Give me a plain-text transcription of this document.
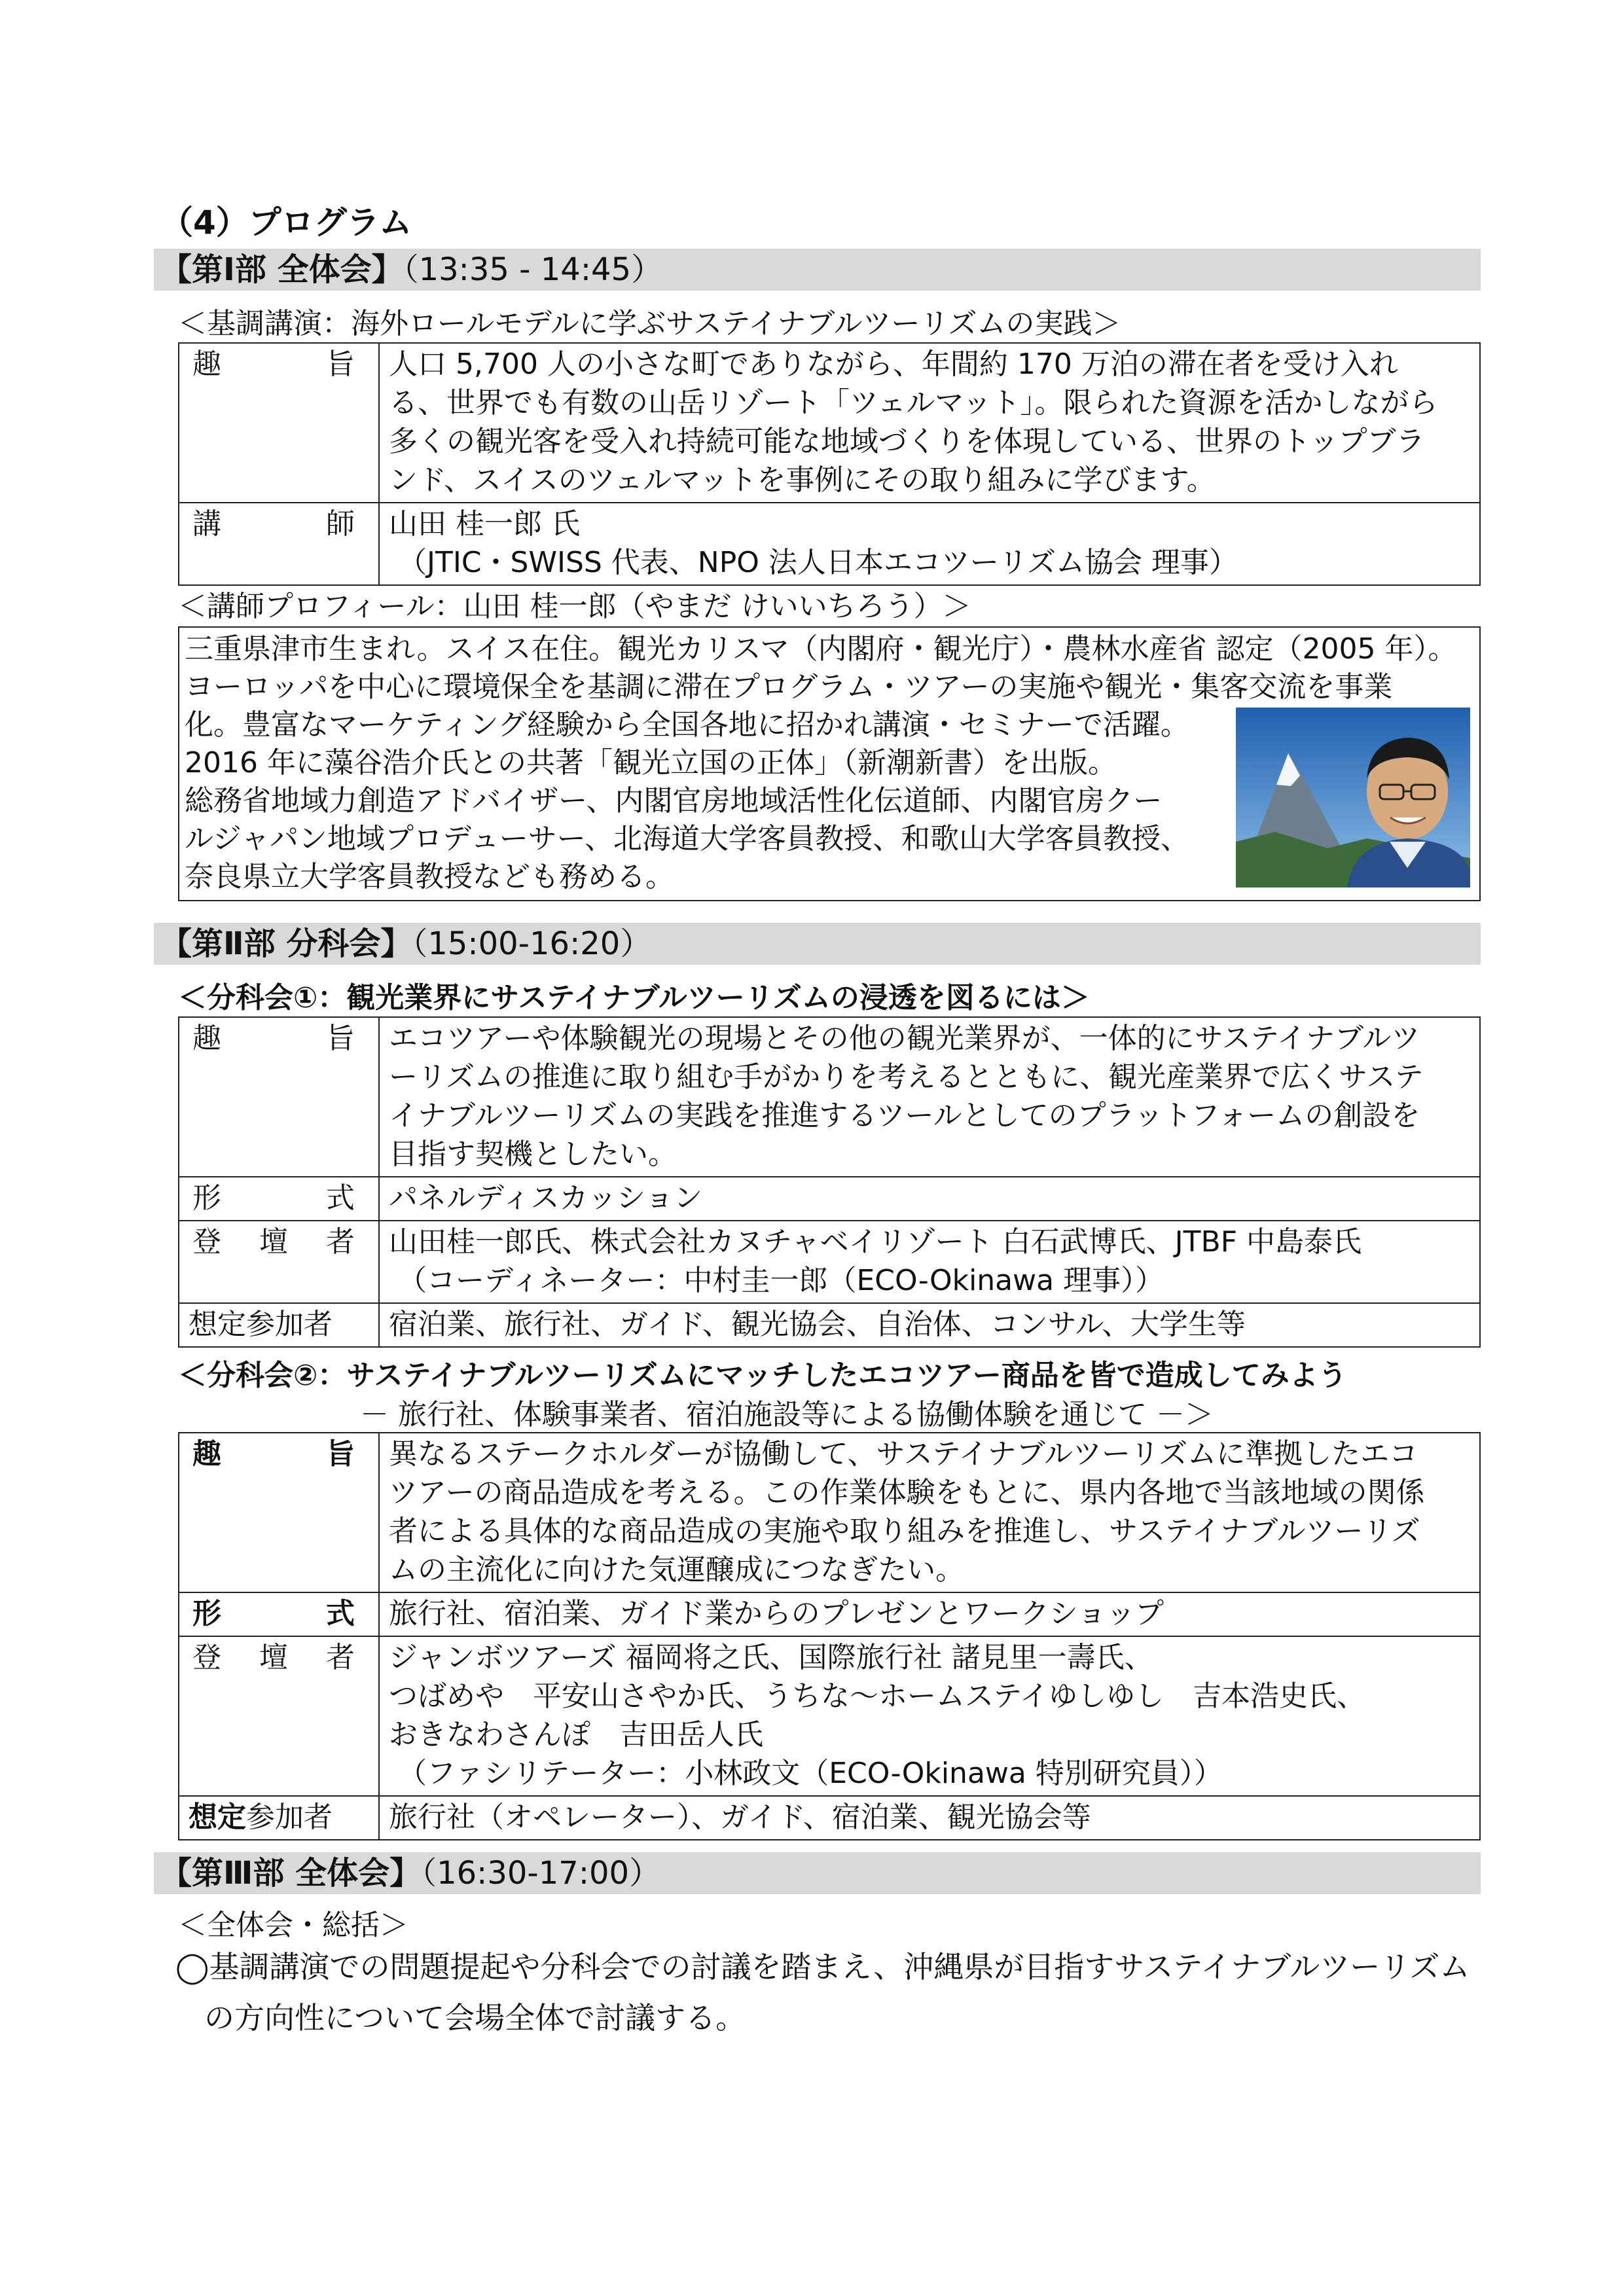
（4）プログラム
【第Ⅰ部 全体会】（13:35 - 14:45）
＜基調講演：海外ロールモデルに学ぶサステイナブルツーリズムの実践＞
趣 旨	人口 5,700 人の小さな町でありながら、年間約 170 万泊の滞在者を受け入れ
る、世界でも有数の山岳リゾート「ツェルマット」。限られた資源を活かしながら
多くの観光客を受入れ持続可能な地域づくりを体現している、世界のトップブラ
ンド、スイスのツェルマットを事例にその取り組みに学びます。

講 師	山田 桂一郎 氏
（JTIC・SWISS 代表、NPO 法人日本エコツーリズム協会 理事）
＜講師プロフィール：山田 桂一郎（やまだ けいいちろう）＞
三重県津市生まれ。スイス在住。観光カリスマ（内閣府・観光庁）・農林水産省 認定（2005 年）。
ヨーロッパを中心に環境保全を基調に滞在プログラム・ツアーの実施や観光・集客交流を事業
化。豊富なマーケティング経験から全国各地に招かれ講演・セミナーで活躍。
2016 年に藻谷浩介氏との共著「観光立国の正体」（新潮新書）を出版。
総務省地域力創造アドバイザー、内閣官房地域活性化伝道師、内閣官房クー
ルジャパン地域プロデューサー、北海道大学客員教授、和歌山大学客員教授、
奈良県立大学客員教授なども務める。
【第Ⅱ部 分科会】（15:00-16:20）
＜分科会①：観光業界にサステイナブルツーリズムの浸透を図るには＞
趣 旨	エコツアーや体験観光の現場とその他の観光業界が、一体的にサステイナブルツ
ーリズムの推進に取り組む手がかりを考えるとともに、観光産業界で広くサステ
イナブルツーリズムの実践を推進するツールとしてのプラットフォームの創設を
目指す契機としたい。

形 式	パネルディスカッション

登 壇 者	山田桂一郎氏、株式会社カヌチャベイリゾート 白石武博氏、JTBF 中島泰氏
（コーディネーター：中村圭一郎（ECO-Okinawa 理事））

想定参加者	宿泊業、旅行社、ガイド、観光協会、自治体、コンサル、大学生等
＜分科会②：サステイナブルツーリズムにマッチしたエコツアー商品を皆で造成してみよう
－ 旅行社、体験事業者、宿泊施設等による協働体験を通じて －＞
趣 旨	異なるステークホルダーが協働して、サステイナブルツーリズムに準拠したエコ
ツアーの商品造成を考える。この作業体験をもとに、県内各地で当該地域の関係
者による具体的な商品造成の実施や取り組みを推進し、サステイナブルツーリズ
ムの主流化に向けた気運醸成につなぎたい。

形 式	旅行社、宿泊業、ガイド業からのプレゼンとワークショップ

登 壇 者	ジャンボツアーズ 福岡将之氏、国際旅行社 諸見里一壽氏、
つばめや　平安山さやか氏、うちな～ホームステイゆしゆし　吉本浩史氏、
おきなわさんぽ　吉田岳人氏
（ファシリテーター：小林政文（ECO-Okinawa 特別研究員））

想定参加者	旅行社（オペレーター）、ガイド、宿泊業、観光協会等
【第Ⅲ部 全体会】（16:30-17:00）
＜全体会・総括＞
◯基調講演での問題提起や分科会での討議を踏まえ、沖縄県が目指すサステイナブルツーリズム
の方向性について会場全体で討議する。
